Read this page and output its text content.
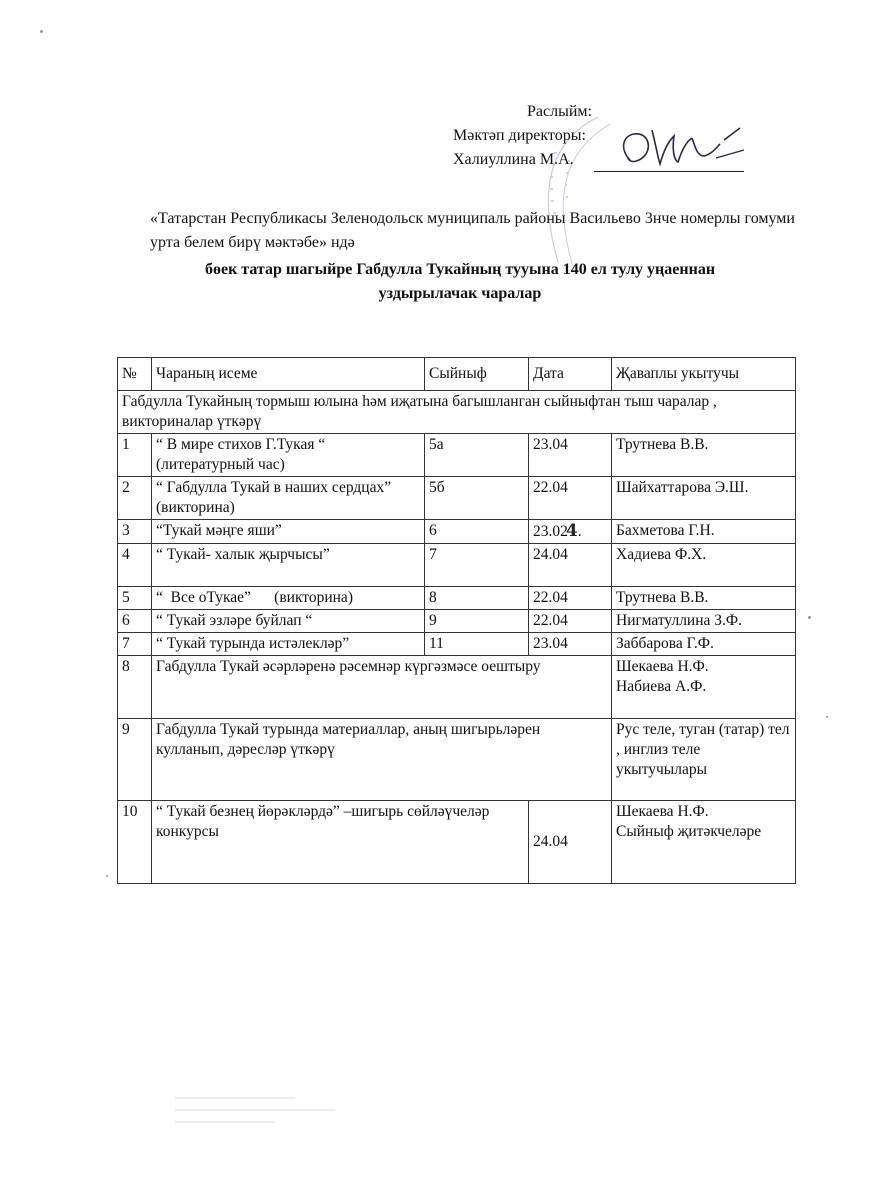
Раслыйм:
Мәктәп директоры:
Халиуллина М.А.
«Татарстан Республикасы Зеленодольск муниципаль районы Васильево 3нче номерлы гомуми урта белем бирү мәктәбе» ндә
бөек татар шагыйре Габдулла Тукайның тууына 140 ел тулу уңаеннан
уздырылачак чаралар
№	Чараның исеме	Сыйныф	Дата	Җаваплы укытучы
Габдулла Тукайның тормыш юлына һәм иҗатына багышланган сыйныфтан тыш чаралар , викториналар үткәрү				
1	“ В мире стихов Г.Тукая “ (литературный час)	5а	23.04	Трутнева В.В.
2	“ Габдулла Тукай в наших сердцах” (викторина)	5б	22.04	Шайхаттарова Э.Ш.
3	“Тукай мәңге яши”	6	23.024.	Бахметова Г.Н.
4	“ Тукай- халык җырчысы”	7	24.04	Хадиева Ф.Х.
5	“  Все оТукае”      (викторина)	8	22.04	Трутнева В.В.
6	“ Тукай эзләре буйлап “	9	22.04	Нигматуллина З.Ф.
7	“ Тукай турында истәлекләр”	11	23.04	Заббарова Г.Ф.
8	Габдулла Тукай әсәрләренә рәсемнәр күргәзмәсе оештыру			Шекаева Н.Ф.
Набиева А.Ф.

9	Габдулла Тукай турында материаллар, аның шигырьләрен кулланып, дәресләр үткәрү			Рус теле, туган (татар) тел , инглиз теле укытучылары
10	“ Тукай безнең йөрәкләрдә” –шигырь сөйләүчеләр конкурсы		24.04	Шекаева Н.Ф.
Сыйныф җитәкчеләре
